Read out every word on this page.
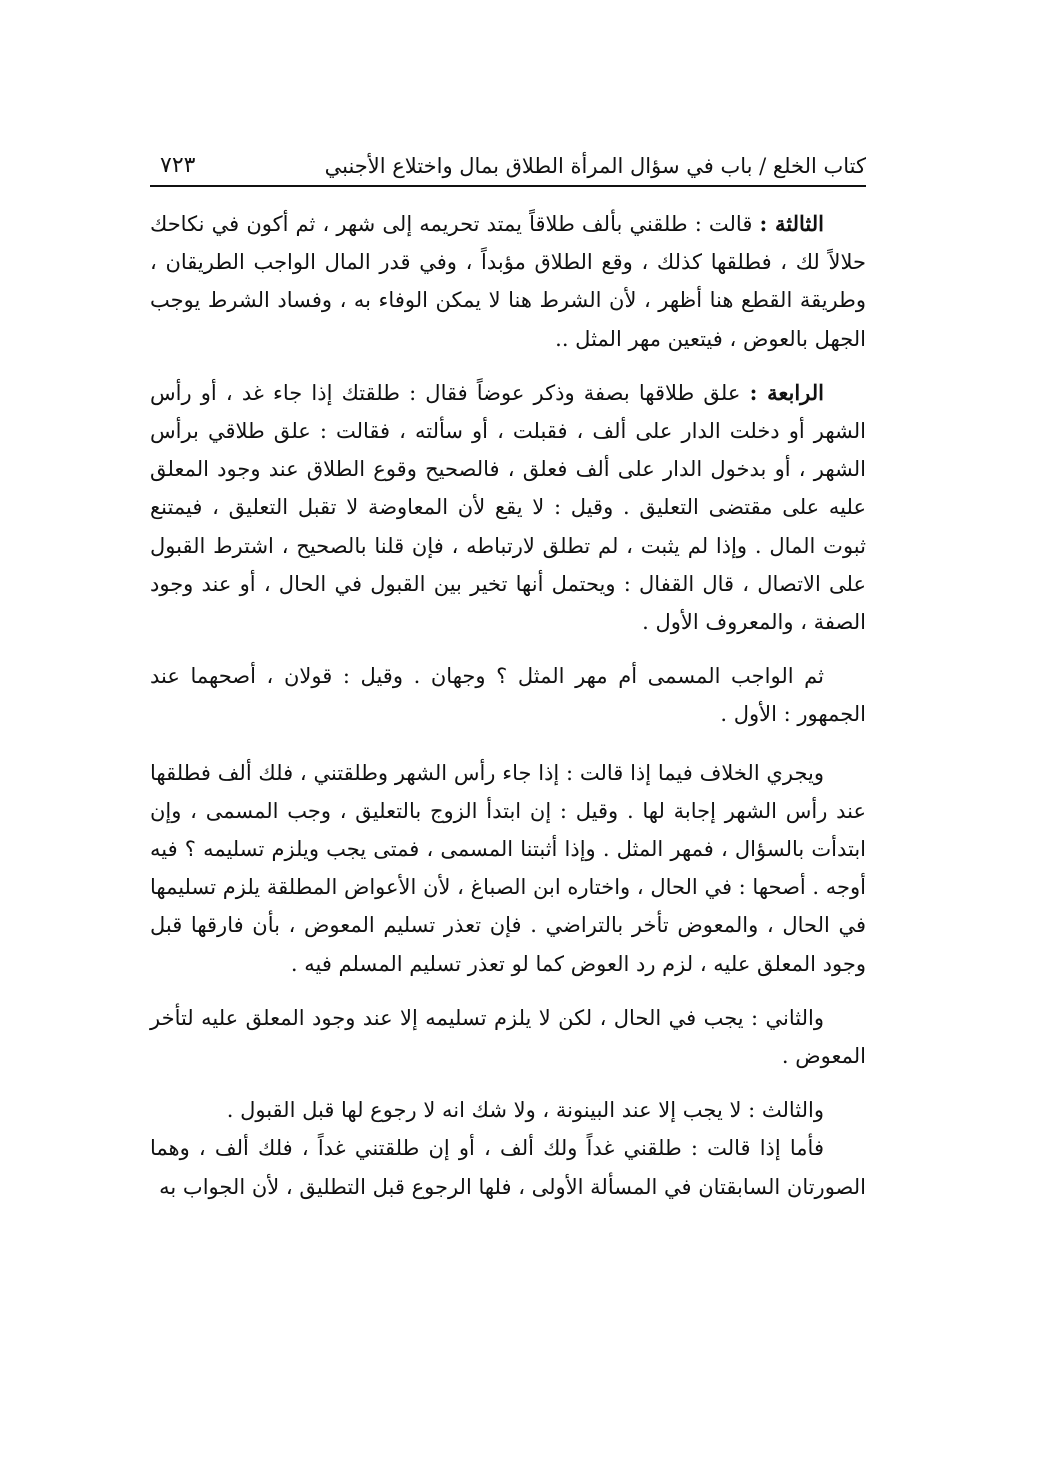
كتاب الخلع / باب في سؤال المرأة الطلاق بمال واختلاع الأجنبي
٧٢٣

الثالثة : قالت : طلقني بألف طلاقاً يمتد تحريمه إلى شهر ، ثم أكون في نكاحك حلالاً لك ، فطلقها كذلك ، وقع الطلاق مؤبداً ، وفي قدر المال الواجب الطريقان ، وطريقة القطع هنا أظهر ، لأن الشرط هنا لا يمكن الوفاء به ، وفساد الشرط يوجب الجهل بالعوض ، فيتعين مهر المثل ..

الرابعة : علق طلاقها بصفة وذكر عوضاً فقال : طلقتك إذا جاء غد ، أو رأس الشهر أو دخلت الدار على ألف ، فقبلت ، أو سألته ، فقالت : علق طلاقي برأس الشهر ، أو بدخول الدار على ألف فعلق ، فالصحيح وقوع الطلاق عند وجود المعلق عليه على مقتضى التعليق . وقيل : لا يقع لأن المعاوضة لا تقبل التعليق ، فيمتنع ثبوت المال . وإذا لم يثبت ، لم تطلق لارتباطه ، فإن قلنا بالصحيح ، اشترط القبول على الاتصال ، قال القفال : ويحتمل أنها تخير بين القبول في الحال ، أو عند وجود الصفة ، والمعروف الأول .

ثم الواجب المسمى أم مهر المثل ؟ وجهان . وقيل : قولان ، أصحهما عند الجمهور : الأول .

ويجري الخلاف فيما إذا قالت : إذا جاء رأس الشهر وطلقتني ، فلك ألف فطلقها عند رأس الشهر إجابة لها . وقيل : إن ابتدأ الزوج بالتعليق ، وجب المسمى ، وإن ابتدأت بالسؤال ، فمهر المثل . وإذا أثبتنا المسمى ، فمتى يجب ويلزم تسليمه ؟ فيه أوجه . أصحها : في الحال ، واختاره ابن الصباغ ، لأن الأعواض المطلقة يلزم تسليمها في الحال ، والمعوض تأخر بالتراضي . فإن تعذر تسليم المعوض ، بأن فارقها قبل وجود المعلق عليه ، لزم رد العوض كما لو تعذر تسليم المسلم فيه .

والثاني : يجب في الحال ، لكن لا يلزم تسليمه إلا عند وجود المعلق عليه لتأخر المعوض .

والثالث : لا يجب إلا عند البينونة ، ولا شك انه لا رجوع لها قبل القبول .

فأما إذا قالت : طلقني غداً ولك ألف ، أو إن طلقتني غداً ، فلك ألف ، وهما الصورتان السابقتان في المسألة الأولى ، فلها الرجوع قبل التطليق ، لأن الجواب به
